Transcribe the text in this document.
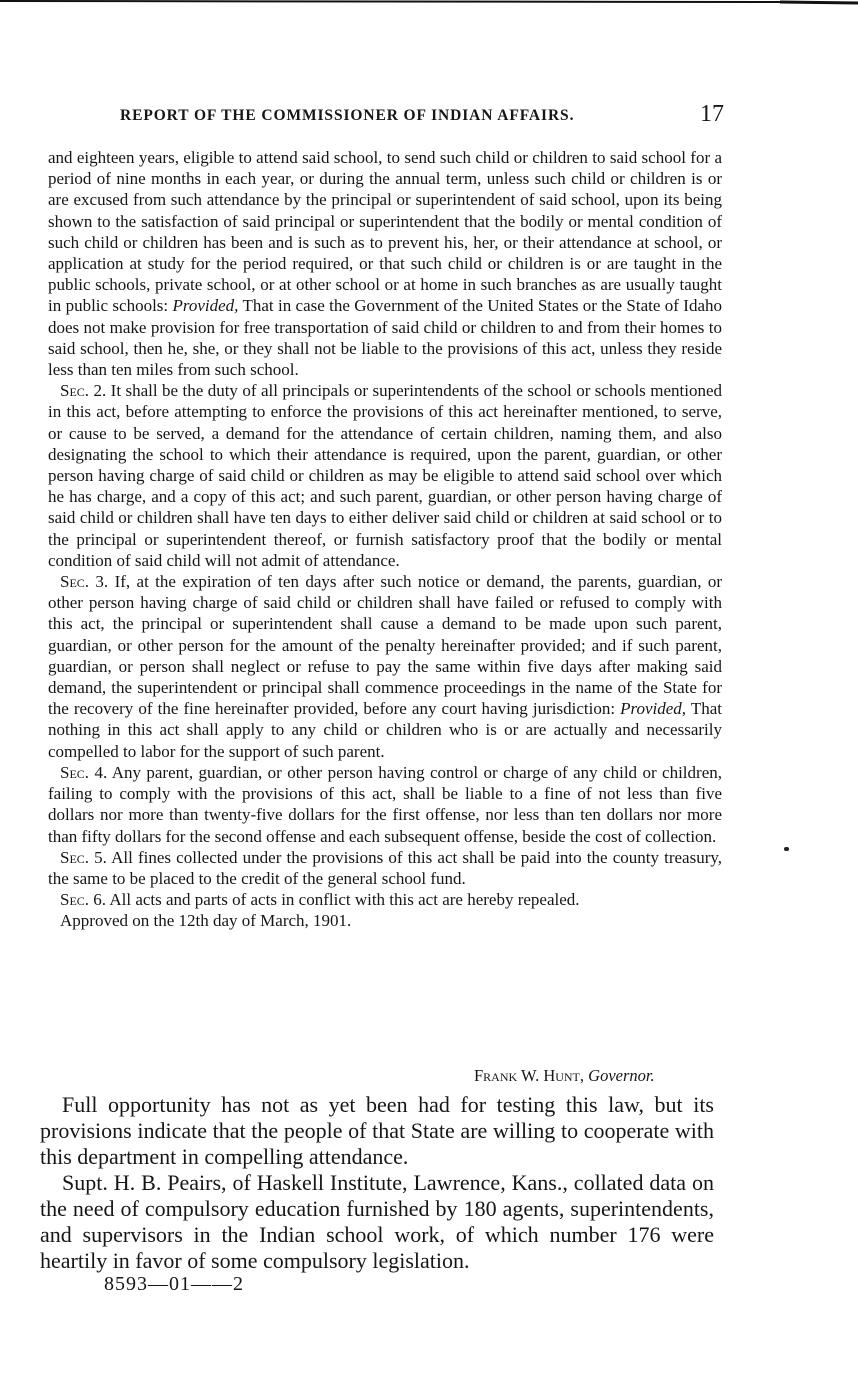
REPORT OF THE COMMISSIONER OF INDIAN AFFAIRS.	17

and eighteen years, eligible to attend said school, to send such child or children to said school for a period of nine months in each year, or during the annual term, unless such child or children is or are excused from such attendance by the principal or superintendent of said school, upon its being shown to the satisfaction of said principal or superintendent that the bodily or mental condition of such child or children has been and is such as to prevent his, her, or their attendance at school, or application at study for the period required, or that such child or children is or are taught in the public schools, private school, or at other school or at home in such branches as are usually taught in public schools: Provided, That in case the Government of the United States or the State of Idaho does not make provision for free transportation of said child or children to and from their homes to said school, then he, she, or they shall not be liable to the provisions of this act, unless they reside less than ten miles from such school.

Sec. 2. It shall be the duty of all principals or superintendents of the school or schools mentioned in this act, before attempting to enforce the provisions of this act hereinafter mentioned, to serve, or cause to be served, a demand for the attendance of certain children, naming them, and also designating the school to which their attendance is required, upon the parent, guardian, or other person having charge of said child or children as may be eligible to attend said school over which he has charge, and a copy of this act; and such parent, guardian, or other person having charge of said child or children shall have ten days to either deliver said child or children at said school or to the principal or superintendent thereof, or furnish satisfactory proof that the bodily or mental condition of said child will not admit of attendance.

Sec. 3. If, at the expiration of ten days after such notice or demand, the parents, guardian, or other person having charge of said child or children shall have failed or refused to comply with this act, the principal or superintendent shall cause a demand to be made upon such parent, guardian, or other person for the amount of the penalty hereinafter provided; and if such parent, guardian, or person shall neglect or refuse to pay the same within five days after making said demand, the superintendent or principal shall commence proceedings in the name of the State for the recovery of the fine hereinafter provided, before any court having jurisdiction: Provided, That nothing in this act shall apply to any child or children who is or are actually and necessarily compelled to labor for the support of such parent.

Sec. 4. Any parent, guardian, or other person having control or charge of any child or children, failing to comply with the provisions of this act, shall be liable to a fine of not less than five dollars nor more than twenty-five dollars for the first offense, nor less than ten dollars nor more than fifty dollars for the second offense and each subsequent offense, beside the cost of collection.

Sec. 5. All fines collected under the provisions of this act shall be paid into the county treasury, the same to be placed to the credit of the general school fund.

Sec. 6. All acts and parts of acts in conflict with this act are hereby repealed.

Approved on the 12th day of March, 1901.

Frank W. Hunt, Governor.

Full opportunity has not as yet been had for testing this law, but its provisions indicate that the people of that State are willing to cooperate with this department in compelling attendance.

Supt. H. B. Peairs, of Haskell Institute, Lawrence, Kans., collated data on the need of compulsory education furnished by 180 agents, superintendents, and supervisors in the Indian school work, of which number 176 were heartily in favor of some compulsory legislation.

8593—01——2
